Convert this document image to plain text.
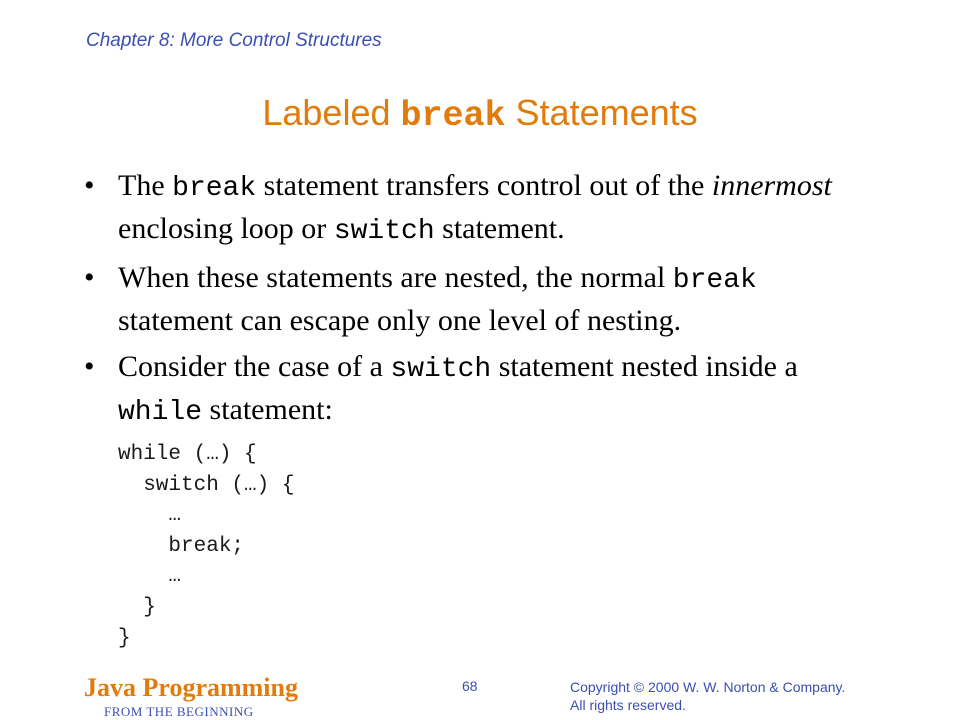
Chapter 8: More Control Structures
Labeled break Statements
• The break statement transfers control out of the innermost enclosing loop or switch statement.
• When these statements are nested, the normal break statement can escape only one level of nesting.
• Consider the case of a switch statement nested inside a while statement:
while (…) {
switch (…) {
…
break;
…
}
}
Java Programming
FROM THE BEGINNING
68	Copyright © 2000 W. W. Norton & Company.
All rights reserved.
